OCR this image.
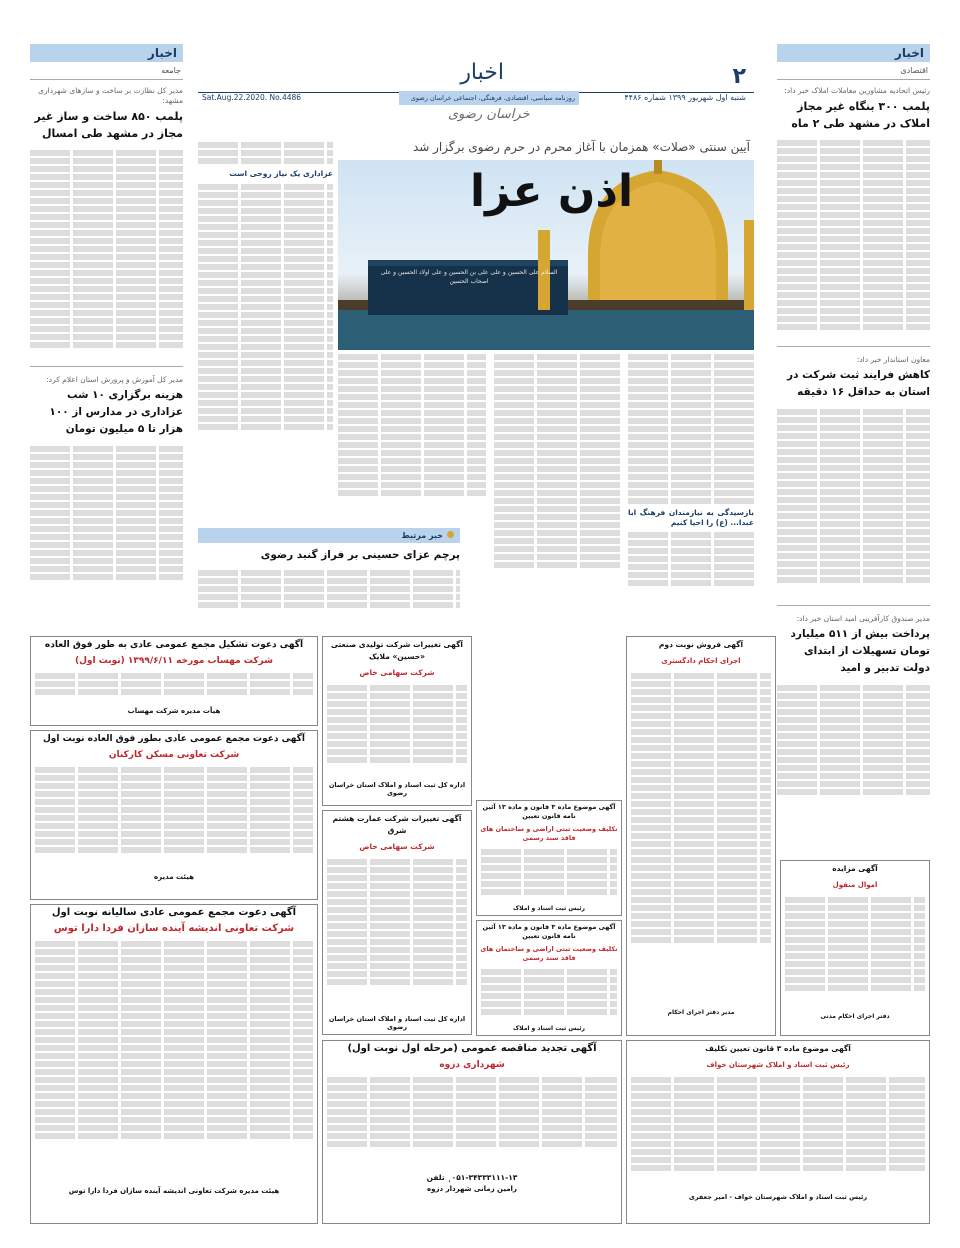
۲
اخبار
شنبه اول شهریور ۱۳۹۹ شماره ۴۴۸۶
روزنامه سیاسی، اقتصادی، فرهنگی، اجتماعی خراسان رضوی
Sat.Aug.22.2020. No.4486
خراسان رضوی
اخبار
اقتصادی
رئیس اتحادیه مشاورین معاملات املاک خبر داد:
پلمب ۳۰۰ بنگاه غیر مجاز املاک در مشهد طی ۲ ماه
معاون استاندار خبر داد:
کاهش فرایند ثبت شرکت در استان به حداقل ۱۶ دقیقه
مدیر صندوق کارآفرینی امید استان خبر داد:
پرداخت بیش از ۵۱۱ میلیارد تومان تسهیلات از ابتدای دولت تدبیر و امید
اخبار
جامعه
مدیر کل نظارت بر ساخت و سازهای شهرداری مشهد:
پلمب ۸۵۰ ساخت و ساز غیر مجاز در مشهد طی امسال
مدیر کل آموزش و پرورش استان اعلام کرد:
هزینه برگزاری ۱۰ شب عزاداری در مدارس از ۱۰۰ هزار تا ۵ میلیون تومان
آیین سنتی «صلات» همزمان با آغاز محرم در حرم رضوی برگزار شد
السلام علی الحسین و علی علی بن الحسین و علی اولاد الحسین و علی اصحاب الحسین
اذن عزا
بازسیدگی به نیازمندان فرهنگ ابا عبدا... (ع) را احیا کنیم
عزاداری یک نیاز روحی است
خبر مرتبط
پرچم عزای حسینی بر فراز گنبد رضوی
آگهی دعوت تشکیل مجمع عمومی عادی به طور فوق العاده
شرکت مهساب مورخه ۱۳۹۹/۶/۱۱ (نوبت اول)
هیأت مدیره شرکت مهساب
آگهی دعوت مجمع عمومی عادی بطور فوق العاده نوبت اول
شرکت تعاونی مسکن کارکنان
هیئت مدیره
آگهی دعوت مجمع عمومی عادی سالیانه نوبت اول
شرکت تعاونی اندیشه آینده سازان فردا دارا توس
هیئت مدیره شرکت تعاونی اندیشه آینده سازان فردا دارا توس
آگهی تغییرات شرکت تولیدی صنعتی «حسین» ملایک
شرکت سهامی خاص
اداره کل ثبت اسناد و املاک استان خراسان رضوی
آگهی تغییرات شرکت عمارت هشتم شرق
شرکت سهامی خاص
اداره کل ثبت اسناد و املاک استان خراسان رضوی
آگهی تجدید مناقصه عمومی (مرحله اول نوبت اول)
شهرداری دزوه
۰۵۱-۳۴۳۳۳۱۱۱-۱۳ ٖ تلفن
رامین زمانی شهردار دزوه
آگهی موضوع ماده ۳ قانون و ماده ۱۳ آئین نامه قانون تعیین
تکلیف وضعیت ثبتی اراضی و ساختمان های فاقد سند رسمی
رئیس ثبت اسناد و املاک
آگهی موضوع ماده ۳ قانون و ماده ۱۳ آئین نامه قانون تعیین
تکلیف وضعیت ثبتی اراضی و ساختمان های فاقد سند رسمی
رئیس ثبت اسناد و املاک
آگهی فروش نوبت دوم
اجرای احکام دادگستری
مدیر دفتر اجرای احکام
آگهی مزایده
اموال منقول
دفتر اجرای احکام مدنی
آگهی موضوع ماده ۳ قانون تعیین تکلیف
رئیس ثبت اسناد و املاک شهرستان خواف
رئیس ثبت اسناد و املاک شهرستان خواف - امیر جعفری
